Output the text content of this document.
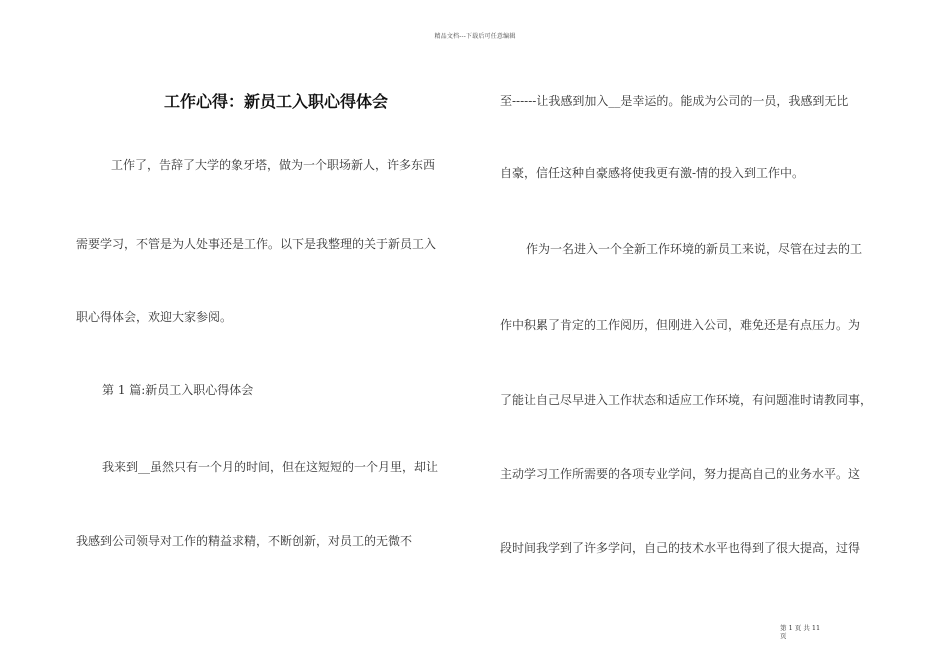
精品文档---下载后可任意编辑
工作心得：新员工入职心得体会
工作了，告辞了大学的象牙塔，做为一个职场新人，许多东西
需要学习，不管是为人处事还是工作。以下是我整理的关于新员工入
职心得体会，欢迎大家参阅。
第 1 篇:新员工入职心得体会
我来到__虽然只有一个月的时间，但在这短短的一个月里，却让
我感到公司领导对工作的精益求精，不断创新，对员工的无微不
至------让我感到加入__是幸运的。能成为公司的一员，我感到无比
自豪，信任这种自豪感将使我更有激-情的投入到工作中。
作为一名进入一个全新工作环境的新员工来说，尽管在过去的工
作中积累了肯定的工作阅历，但刚进入公司，难免还是有点压力。为
了能让自己尽早进入工作状态和适应工作环境，有问题准时请教同事，
主动学习工作所需要的各项专业学问，努力提高自己的业务水平。这
段时间我学到了许多学问，自己的技术水平也得到了很大提高，过得
第 1 页 共 11
页
